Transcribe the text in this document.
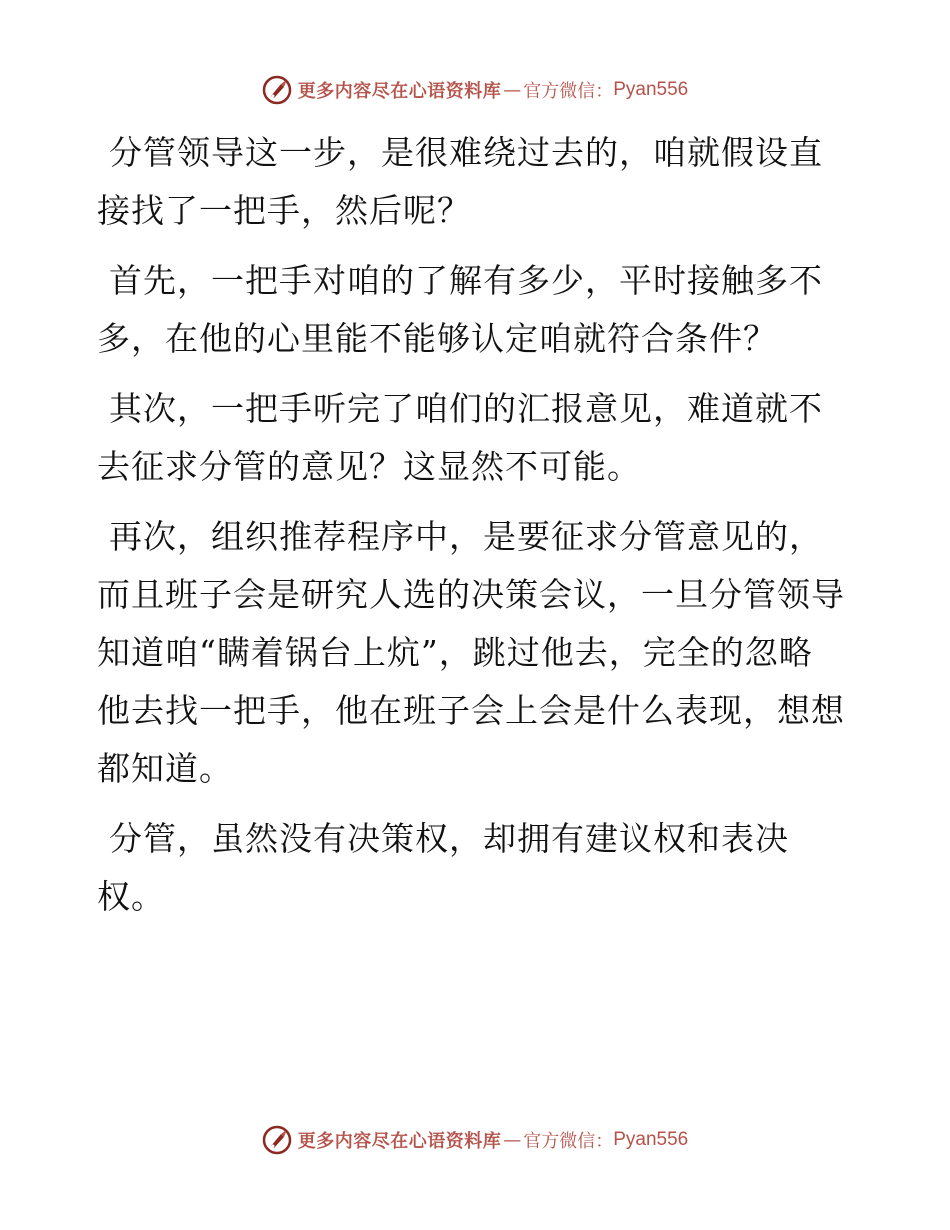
更多内容尽在心语资料库 — 官方微信： Pyan556

分管领导这一步，是很难绕过去的，咱就假设直
接找了一把手，然后呢？

首先，一把手对咱的了解有多少，平时接触多不
多，在他的心里能不能够认定咱就符合条件？

其次，一把手听完了咱们的汇报意见，难道就不
去征求分管的意见？这显然不可能。

再次，组织推荐程序中，是要征求分管意见的，
而且班子会是研究人选的决策会议，一旦分管领导
知道咱“瞒着锅台上炕”，跳过他去，完全的忽略
他去找一把手，他在班子会上会是什么表现，想想
都知道。

分管，虽然没有决策权，却拥有建议权和表决
权。

更多内容尽在心语资料库 — 官方微信： Pyan556
